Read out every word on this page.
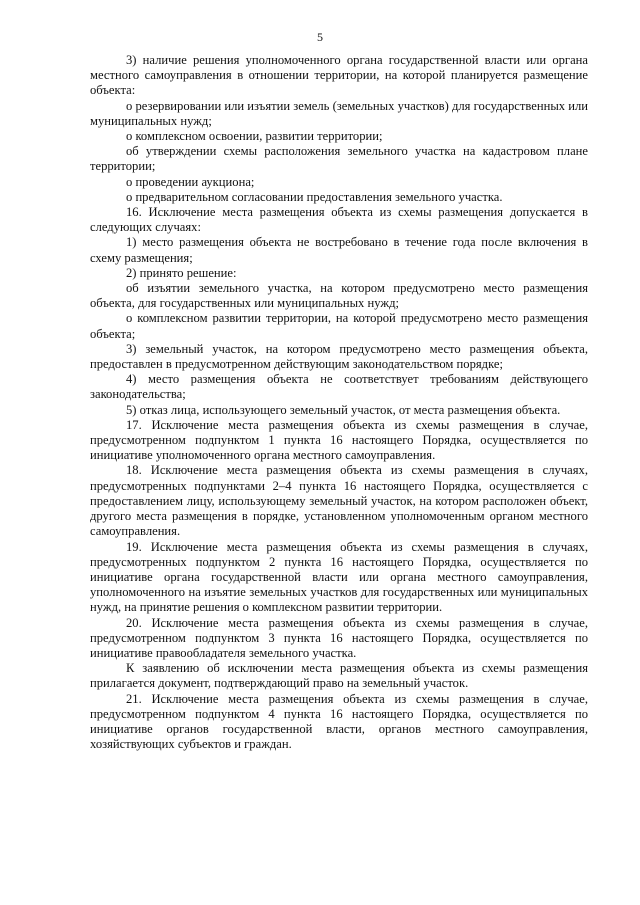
5

3) наличие решения уполномоченного органа государственной власти или органа местного самоуправления в отношении территории, на которой планируется размещение объекта:

о резервировании или изъятии земель (земельных участков) для государственных или муниципальных нужд;

о комплексном освоении, развитии территории;

об утверждении схемы расположения земельного участка на кадастровом плане территории;

о проведении аукциона;

о предварительном согласовании предоставления земельного участка.

16. Исключение места размещения объекта из схемы размещения допускается в следующих случаях:

1) место размещения объекта не востребовано в течение года после включения в схему размещения;

2) принято решение:

об изъятии земельного участка, на котором предусмотрено место размещения объекта, для государственных или муниципальных нужд;

о комплексном развитии территории, на которой предусмотрено место размещения объекта;

3) земельный участок, на котором предусмотрено место размещения объекта, предоставлен в предусмотренном действующим законодательством порядке;

4) место размещения объекта не соответствует требованиям действующего законодательства;

5) отказ лица, использующего земельный участок, от места размещения объекта.

17. Исключение места размещения объекта из схемы размещения в случае, предусмотренном подпунктом 1 пункта 16 настоящего Порядка, осуществляется по инициативе уполномоченного органа местного самоуправления.

18. Исключение места размещения объекта из схемы размещения в случаях, предусмотренных подпунктами 2–4 пункта 16 настоящего Порядка, осуществляется с предоставлением лицу, использующему земельный участок, на котором расположен объект, другого места размещения в порядке, установленном уполномоченным органом местного самоуправления.

19. Исключение места размещения объекта из схемы размещения в случаях, предусмотренных подпунктом 2 пункта 16 настоящего Порядка, осуществляется по инициативе органа государственной власти или органа местного самоуправления, уполномоченного на изъятие земельных участков для государственных или муниципальных нужд, на принятие решения о комплексном развитии территории.

20. Исключение места размещения объекта из схемы размещения в случае, предусмотренном подпунктом 3 пункта 16 настоящего Порядка, осуществляется по инициативе правообладателя земельного участка.

К заявлению об исключении места размещения объекта из схемы размещения прилагается документ, подтверждающий право на земельный участок.

21. Исключение места размещения объекта из схемы размещения в случае, предусмотренном подпунктом 4 пункта 16 настоящего Порядка, осуществляется по инициативе органов государственной власти, органов местного самоуправления, хозяйствующих субъектов и граждан.
